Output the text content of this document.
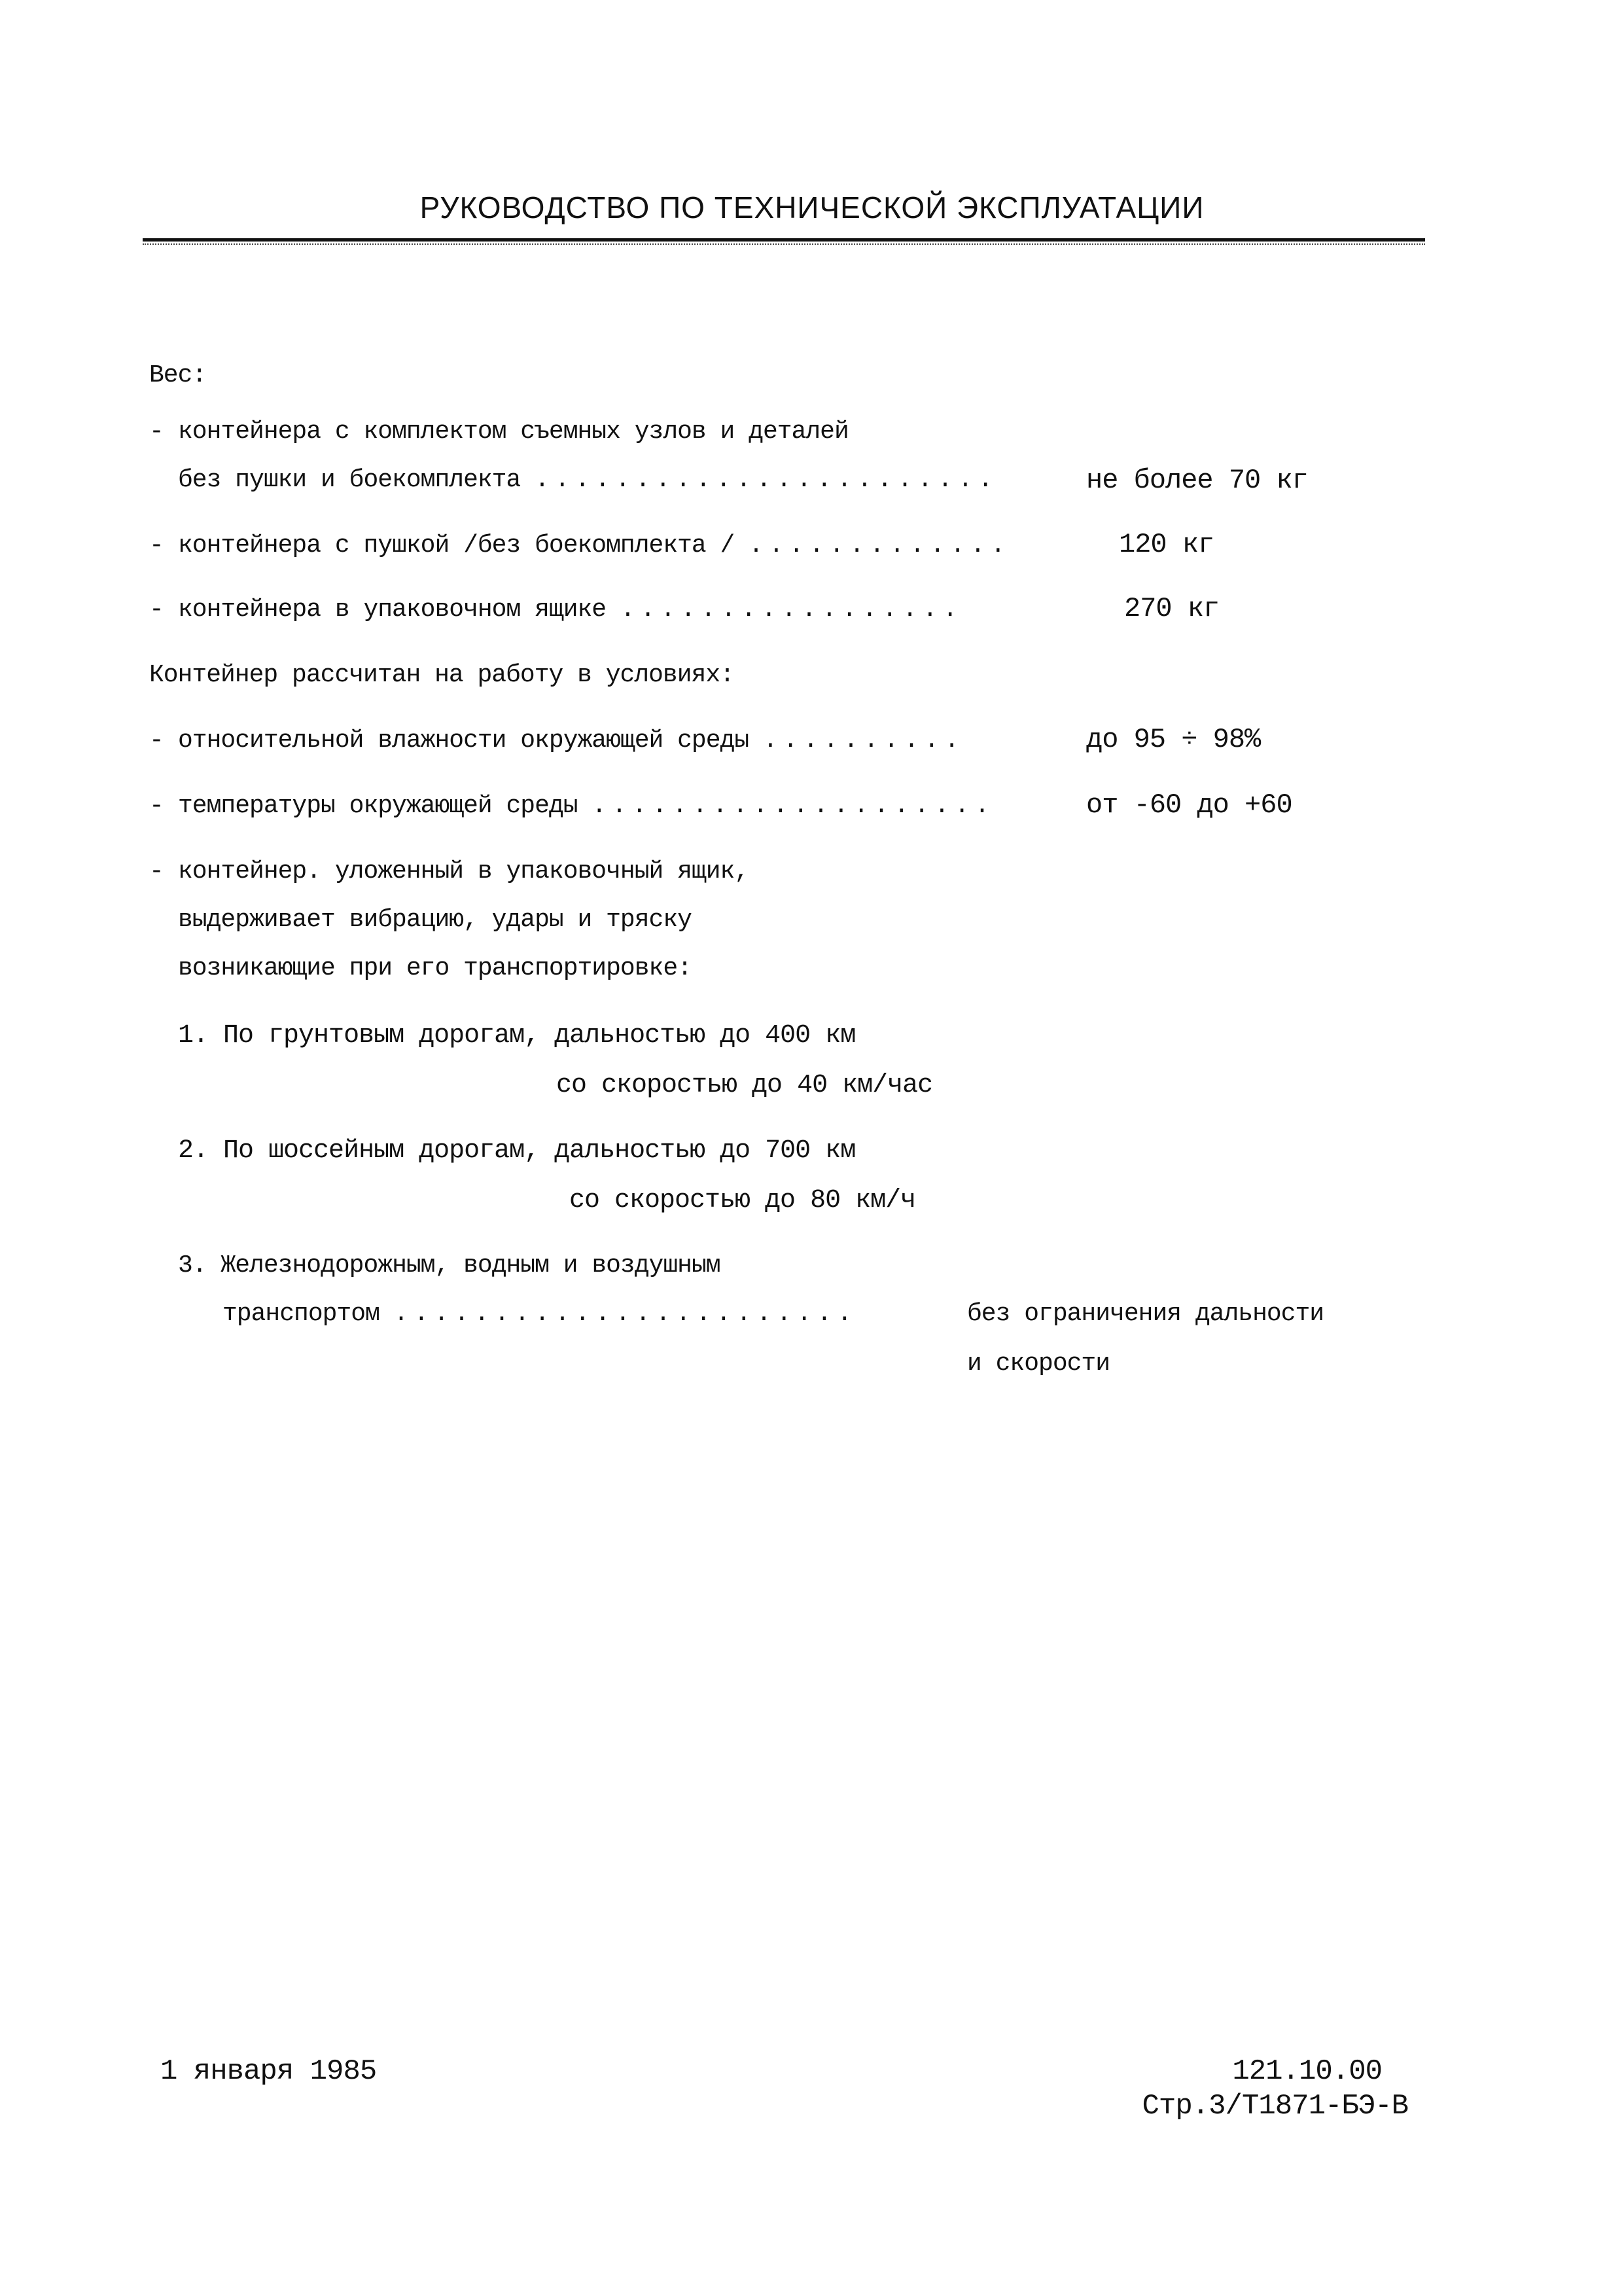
РУКОВОДСТВО ПО ТЕХНИЧЕСКОЙ ЭКСПЛУАТАЦИИ
Вес:
- контейнера с комплектом съемных узлов и деталей
без пушки и боекомплекта .......................	не более 70 кг
- контейнера с пушкой /без боекомплекта / .............	120 кг
- контейнера в упаковочном ящике .................	270 кг
Контейнер рассчитан на работу в условиях:
- относительной влажности окружающей среды ..........	до 95 ÷ 98%
- температуры окружающей среды ....................	от -60 до +60
- контейнер. уложенный в упаковочный ящик,
выдерживает вибрацию, удары и тряску
возникающие при его транспортировке:
1. По грунтовым дорогам, дальностью до 400 км
со скоростью до 40 км/час
2. По шоссейным дорогам, дальностью до 700 км
со скоростью до 80 км/ч
3. Железнодорожным, водным и воздушным
транспортом .......................	без ограничения дальности
и скорости
1 января 1985	121.10.00
Стр.3/Т1871-БЭ-В
